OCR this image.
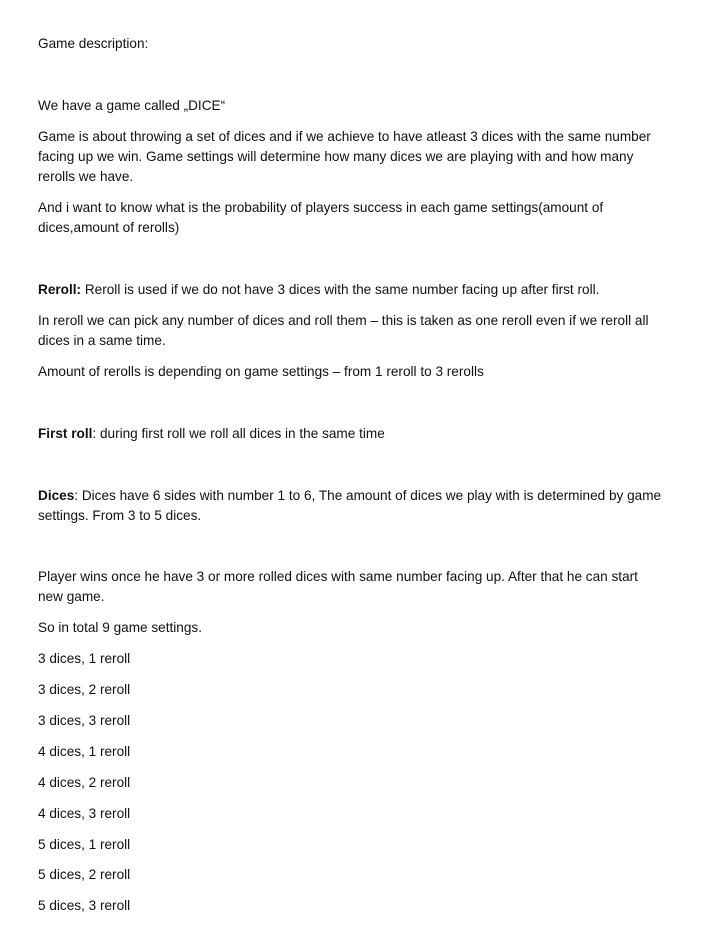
Game description:
We have a game called „DICE“
Game is about throwing a set of dices and if we achieve to have atleast 3 dices with the same number
facing up we win. Game settings will determine how many dices we are playing with and how many
rerolls we have.
And i want to know what is the probability of players success in each game settings(amount of
dices,amount of rerolls)
Reroll: Reroll is used if we do not have 3 dices with the same number facing up after first roll.
In reroll we can pick any number of dices and roll them – this is taken as one reroll even if we reroll all
dices in a same time.
Amount of rerolls is depending on game settings – from 1 reroll to 3 rerolls
First roll: during first roll we roll all dices in the same time
Dices: Dices have 6 sides with number 1 to 6, The amount of dices we play with is determined by game
settings. From 3 to 5 dices.
Player wins once he have 3 or more rolled dices with same number facing up. After that he can start
new game.
So in total 9 game settings.
3 dices, 1 reroll
3 dices, 2 reroll
3 dices, 3 reroll
4 dices, 1 reroll
4 dices, 2 reroll
4 dices, 3 reroll
5 dices, 1 reroll
5 dices, 2 reroll
5 dices, 3 reroll
